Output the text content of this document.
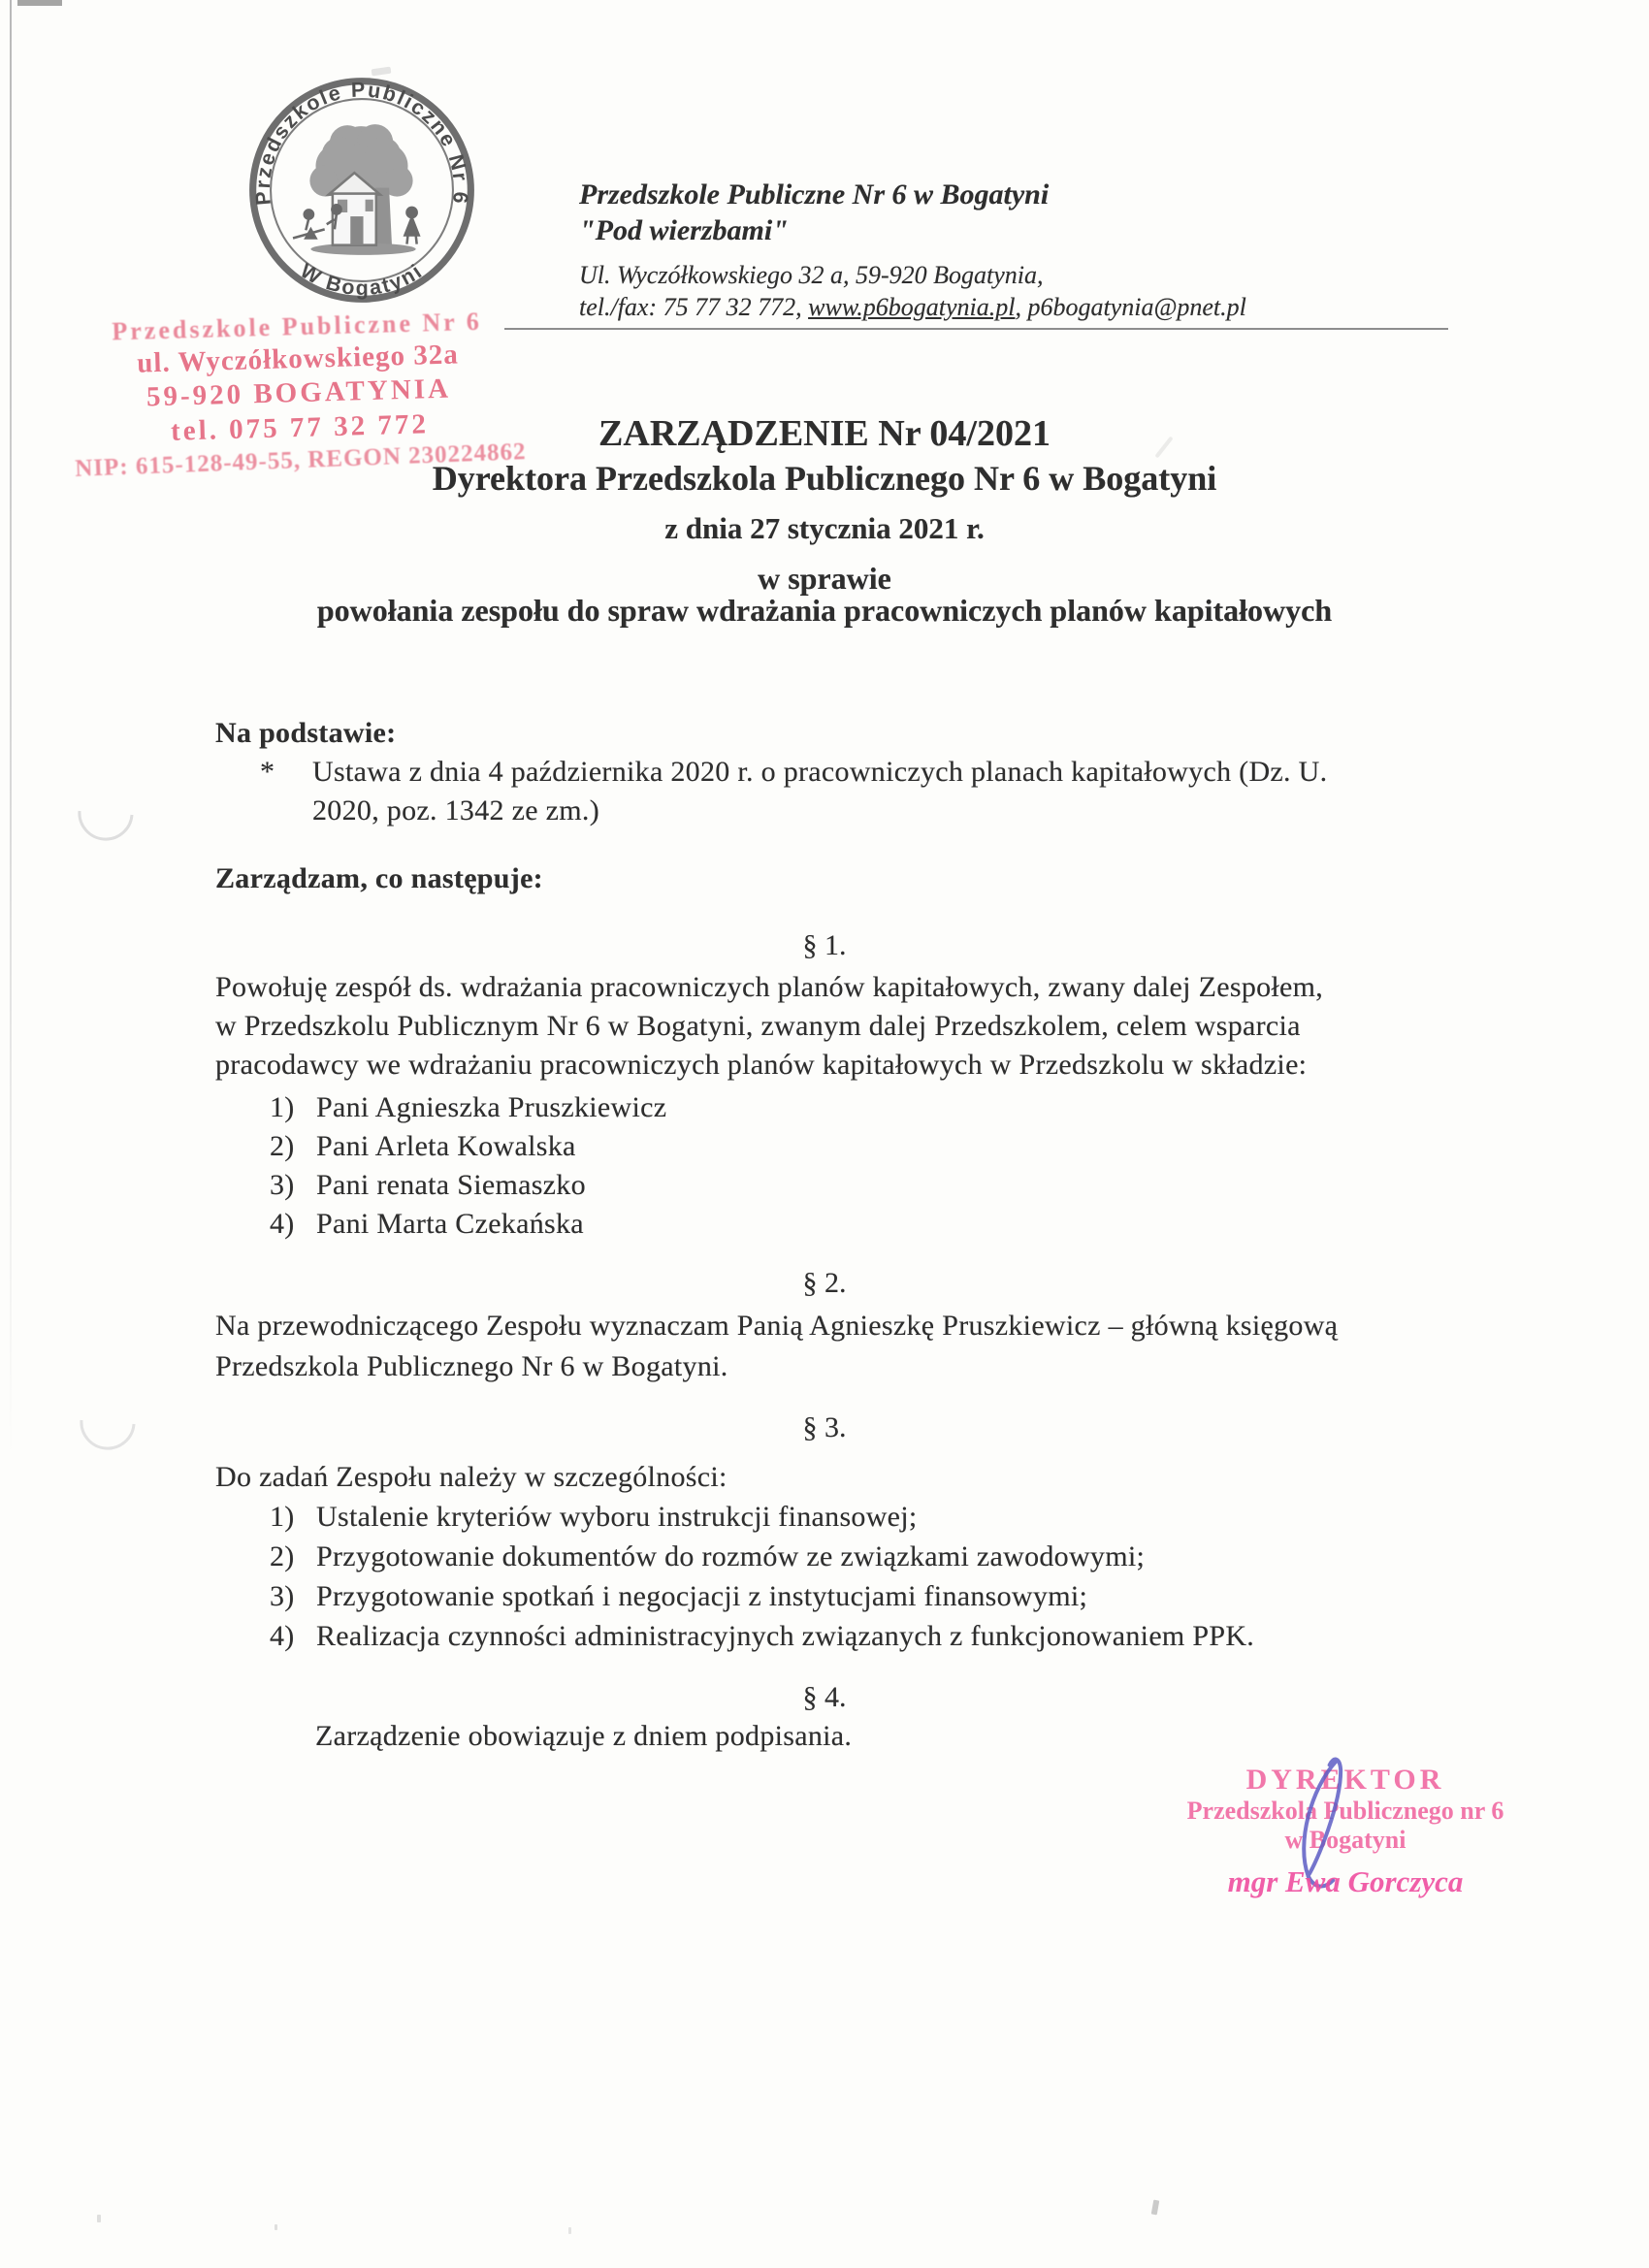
Przedszkole Publiczne Nr 6
W Bogatyni
Przedszkole Publiczne Nr 6 w Bogatyni
"Pod wierzbami"
Ul. Wyczółkowskiego 32 a, 59-920 Bogatynia,
tel./fax: 75 77 32 772, www.p6bogatynia.pl, p6bogatynia@pnet.pl
Przedszkole Publiczne Nr 6
ul. Wyczółkowskiego 32a
59-920 BOGATYNIA
tel. 075 77 32 772
NIP: 615-128-49-55, REGON 230224862
ZARZĄDZENIE Nr 04/2021
Dyrektora Przedszkola Publicznego Nr 6 w Bogatyni
z dnia 27 stycznia 2021 r.
w sprawie
powołania zespołu do spraw wdrażania pracowniczych planów kapitałowych
Na podstawie:
* Ustawa z dnia 4 października 2020 r. o pracowniczych planach kapitałowych (Dz. U.
2020, poz. 1342 ze zm.)
Zarządzam, co następuje:
§ 1.
Powołuję zespół ds. wdrażania pracowniczych planów kapitałowych, zwany dalej Zespołem,
w Przedszkolu Publicznym Nr 6 w Bogatyni, zwanym dalej Przedszkolem, celem wsparcia
pracodawcy we wdrażaniu pracowniczych planów kapitałowych w Przedszkolu w składzie:
1) Pani Agnieszka Pruszkiewicz
2) Pani Arleta Kowalska
3) Pani renata Siemaszko
4) Pani Marta Czekańska
§ 2.
Na przewodniczącego Zespołu wyznaczam Panią Agnieszkę Pruszkiewicz – główną księgową
Przedszkola Publicznego Nr 6 w Bogatyni.
§ 3.
Do zadań Zespołu należy w szczególności:
1) Ustalenie kryteriów wyboru instrukcji finansowej;
2) Przygotowanie dokumentów do rozmów ze związkami zawodowymi;
3) Przygotowanie spotkań i negocjacji z instytucjami finansowymi;
4) Realizacja czynności administracyjnych związanych z funkcjonowaniem PPK.
§ 4.
Zarządzenie obowiązuje z dniem podpisania.
DYREKTOR
Przedszkola Publicznego nr 6
w Bogatyni
mgr Ewa Gorczyca
